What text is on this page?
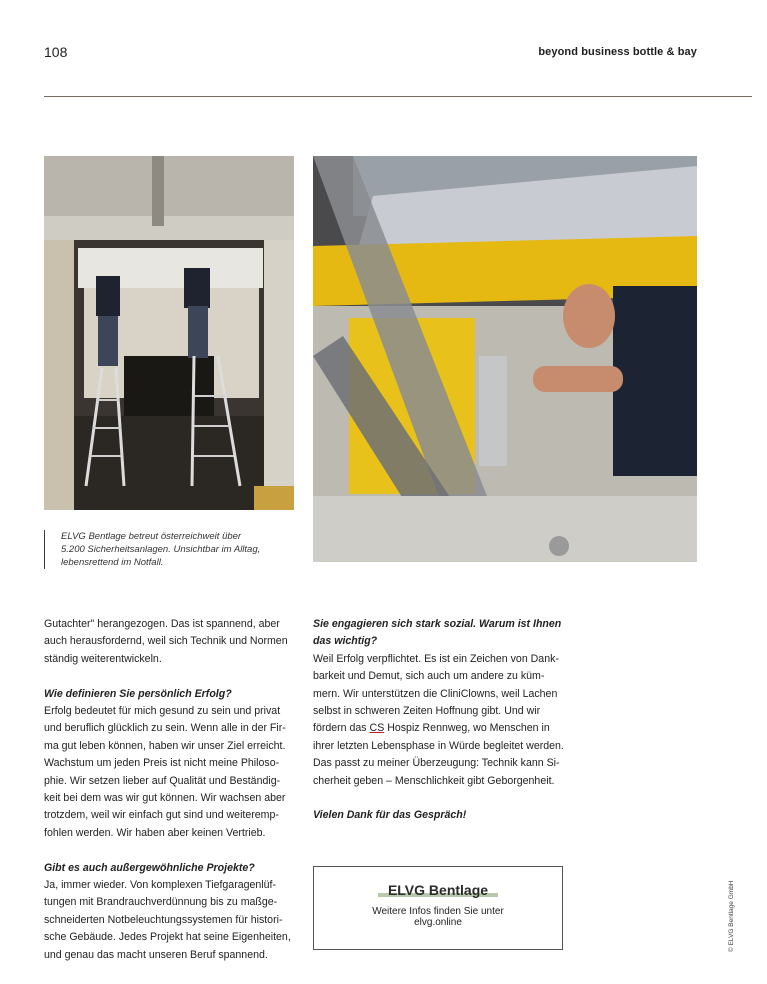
108	beyond business bottle & bay
ELVG Bentlage betreut österreichweit über
5.200 Sicherheitsanlagen. Unsichtbar im Alltag,
lebensrettend im Notfall.

Gutachter" herangezogen. Das ist spannend, aber

auch herausfordernd, weil sich Technik und Normen

ständig weiterentwickeln.

Wie definieren Sie persönlich Erfolg?

Erfolg bedeutet für mich gesund zu sein und privat

und beruflich glücklich zu sein. Wenn alle in der Fir-

ma gut leben können, haben wir unser Ziel erreicht.

Wachstum um jeden Preis ist nicht meine Philoso-

phie. Wir setzen lieber auf Qualität und Beständig-

keit bei dem was wir gut können. Wir wachsen aber

trotzdem, weil wir einfach gut sind und weiteremp-

fohlen werden. Wir haben aber keinen Vertrieb.

Gibt es auch außergewöhnliche Projekte?

Ja, immer wieder. Von komplexen Tiefgaragenlüf-

tungen mit Brandrauchverdünnung bis zu maßge-

schneiderten Notbeleuchtungssystemen für histori-

sche Gebäude. Jedes Projekt hat seine Eigenheiten,

und genau das macht unseren Beruf spannend.

Sie engagieren sich stark sozial. Warum ist Ihnen

das wichtig?

Weil Erfolg verpflichtet. Es ist ein Zeichen von Dank-

barkeit und Demut, sich auch um andere zu küm-

mern. Wir unterstützen die CliniClowns, weil Lachen

selbst in schweren Zeiten Hoffnung gibt. Und wir

fördern das CS Hospiz Rennweg, wo Menschen in

ihrer letzten Lebensphase in Würde begleitet werden.

Das passt zu meiner Überzeugung: Technik kann Si-

cherheit geben – Menschlichkeit gibt Geborgenheit.

Vielen Dank für das Gespräch!

ELVG Bentlage
Weitere Infos finden Sie unter
elvg.online	© ELVG Bentlage GmbH
